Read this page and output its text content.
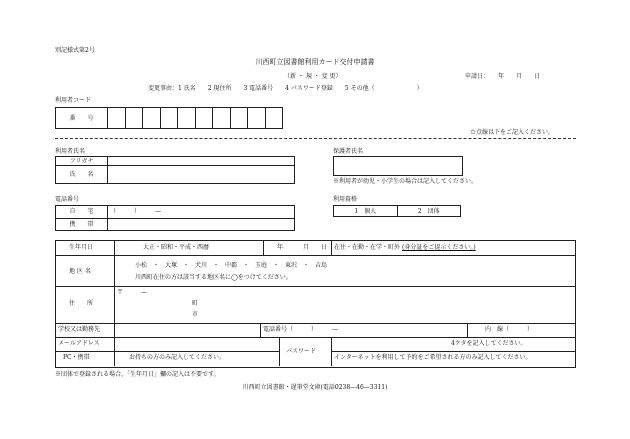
別記様式第2号
川西町立図書館利用カード交付申請書
（新 ・ 規 ・ 変 更）	申請日：　　年　　月　　日
変更事由：1 氏名　　2 現住所　　3 電話番号　　4 パスワード登録　　5 その他（　　　　　　　）
利用者コード
番　　号										
☆点線以下をご記入ください。
利用者氏名
フリガナ	
氏　　名	
保護者氏名
※利用者が幼児・小学生の場合は記入してください。
電話番号
自　　宅	（　　　）　　　—
携　　帯	
利用資格
1　個人	2　団体
生年月日	大正・昭和・平成・西暦	年	月 日 在住・在勤・在学・町外 (身分証をご提示ください。)
地 区 名
小松　・　大塚　・　犬川　・　中郡　・　玉庭　・　東沢　・　吉島
川西町在住の方は該当する地区名に◯をつけてください。
住　　所
〒　　　—
町
市
学校又は勤務先	電話番号（　　　）　　　—	内　線（　　　）
メールアドレス
パスワード
4ケタを記入してください。
PC・携帯	お持ちの方のみ記入してください。	インターネットを利用して予約をご希望される方のみ記入してください。
※団体で登録される場合、「生年月日」欄の記入は不要です。
川西町立図書館・遅筆堂文庫(電話0238—46—3311)
